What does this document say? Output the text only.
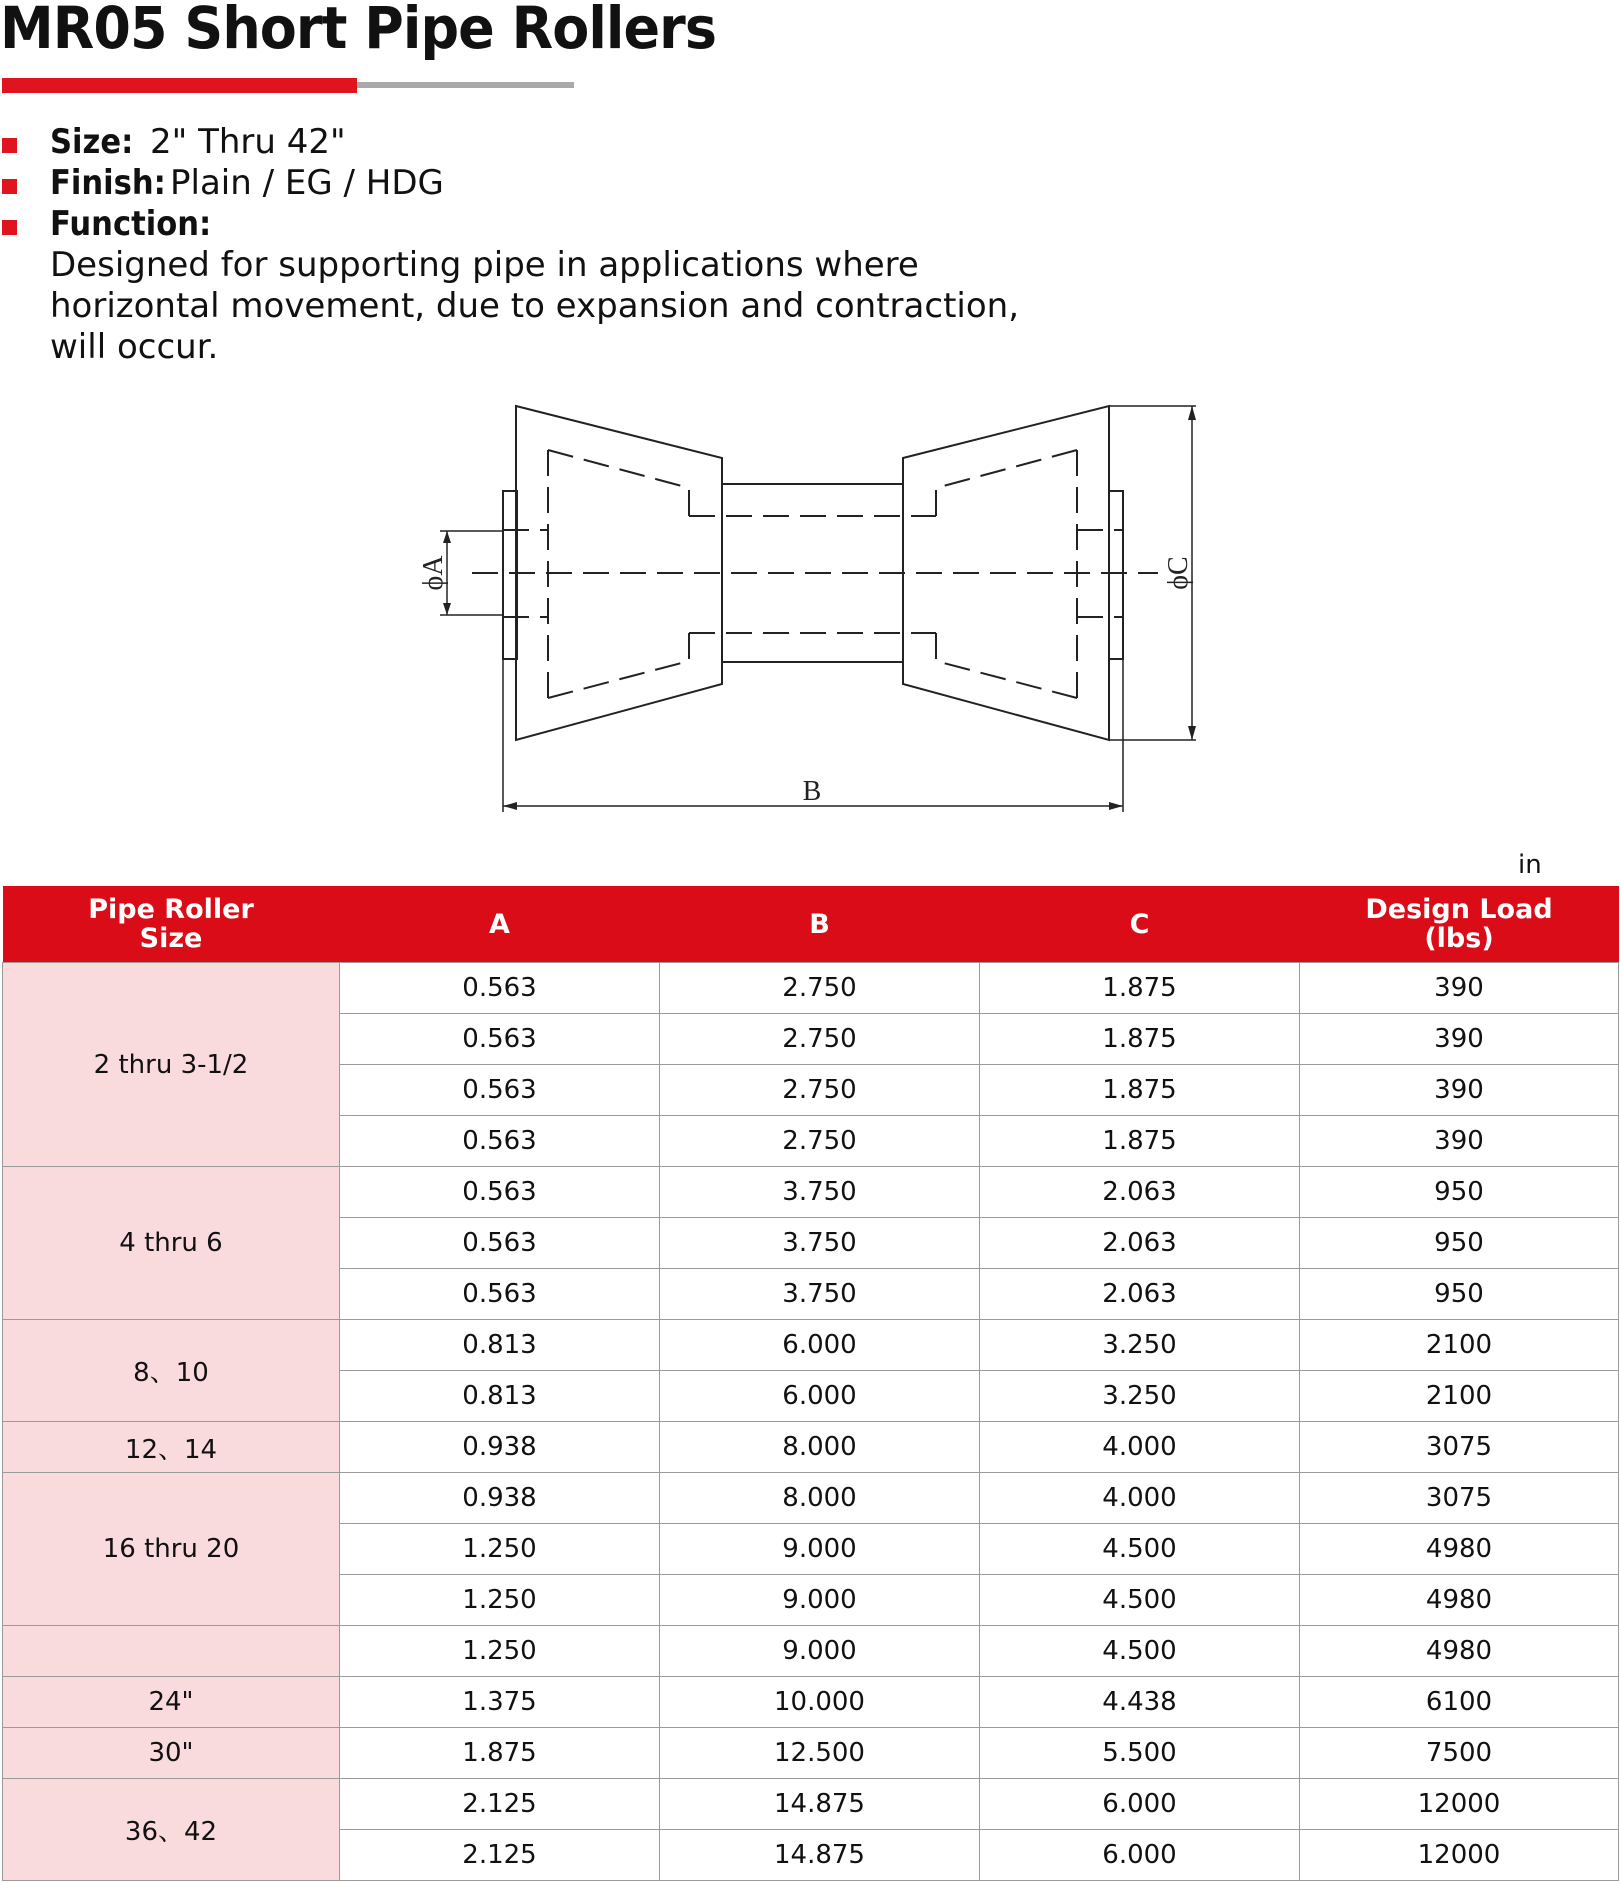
MR05 Short Pipe Rollers
Size: 2" Thru 42"
Finish: Plain / EG / HDG
Function:
Designed for supporting pipe in applications where horizontal movement, due to expansion and contraction, will occur.
ϕA
B
ϕC
in
Pipe Roller
Size	A	B	C	Design Load
(lbs)
2 thru 3-1/2	0.563	2.750	1.875	390
	0.563	2.750	1.875	390
	0.563	2.750	1.875	390
	0.563	2.750	1.875	390
4 thru 6	0.563	3.750	2.063	950
	0.563	3.750	2.063	950
	0.563	3.750	2.063	950
8、10	0.813	6.000	3.250	2100
	0.813	6.000	3.250	2100
12、14	0.938	8.000	4.000	3075
16 thru 20	0.938	8.000	4.000	3075
	1.250	9.000	4.500	4980
	1.250	9.000	4.500	4980
	1.250	9.000	4.500	4980
24"	1.375	10.000	4.438	6100
30"	1.875	12.500	5.500	7500
36、42	2.125	14.875	6.000	12000
	2.125	14.875	6.000	12000
